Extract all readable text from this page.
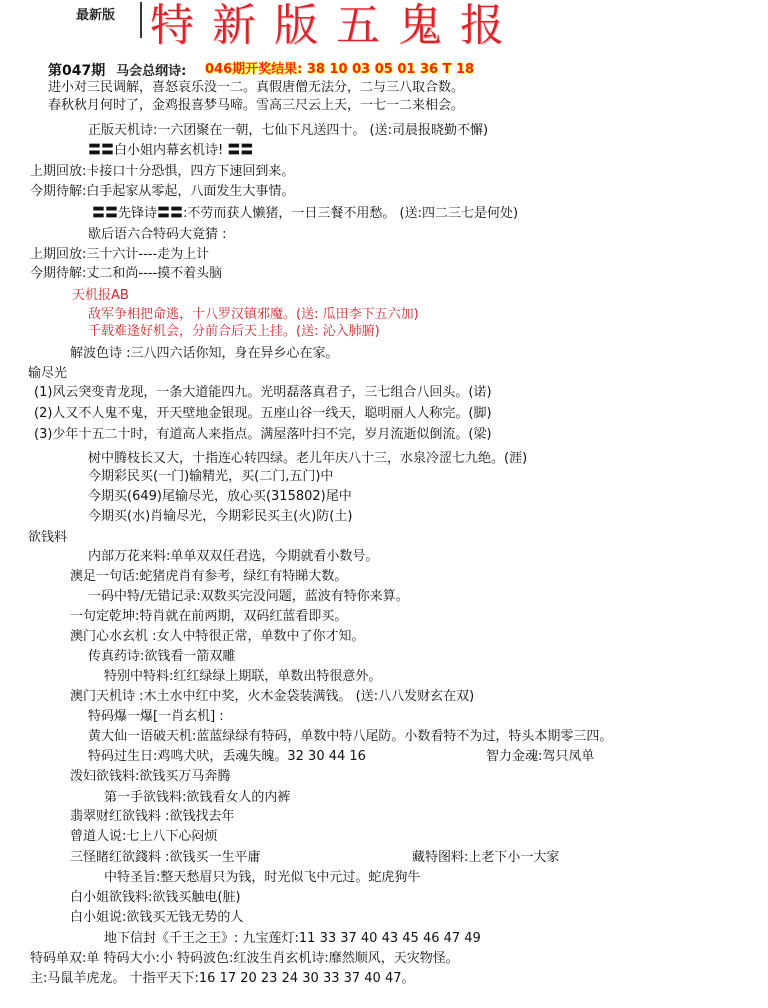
最新版 特新版五鬼报
第047期 马会总纲诗: 046期开奖结果: 38 10 03 05 01 36 T 18
进小对三民调解，喜怒哀乐没一二。真假唐僧无法分，二与三八取合数。
春秋秋月何时了，金鸡报喜梦马啼。雪高三尺云上天，一七一二来相会。
正版天机诗:一六团聚在一朝，七仙下凡送四十。 (送:司晨报晓勤不懈)
〓〓白小姐内幕玄机诗! 〓〓
上期回放:卡接口十分恐惧，四方下速回到来。
今期待解:白手起家从零起，八面发生大事情。
〓〓先锋诗〓〓:不劳而获人懒猪，一日三餐不用愁。 (送:四二三七是何处)
歇后语六合特码大竟猜 :
上期回放:三十六计----走为上计
今期待解:丈二和尚----摸不着头脑
天机报AB
敌军争相把命逃，十八罗汉镇邪魔。(送: 瓜田李下五六加)
千载难逢好机会，分前合后天上挂。(送: 沁入肺腑)
解波色诗 :三八四六话你知，身在异乡心在家。
输尽光
(1)风云突变青龙现，一条大道能四九。光明磊落真君子，三七组合八回头。(诺)
(2)人又不人鬼不鬼，开天壁地金银现。五座山谷一线天，聪明丽人人称完。(脚)
(3)少年十五二十时，有道高人来指点。满屋落叶扫不完，岁月流逝似倒流。(梁)
树中腾枝长又大，十指连心转四绿。老儿年庆八十三，水泉冷涩七九绝。(涯)
今期彩民买(一门)输精光，买(二门,五门)中
今期买(649)尾输尽光，放心买(315802)尾中
今期买(水)肖输尽光，今期彩民买主(火)防(土)
欲钱料
内部万花来料:单单双双任君选，今期就看小数号。
澳足一句话:蛇猪虎肖有参考，绿红有特睇大数。
一码中特/无错记录:双数买完没问题，蓝波有特你来算。
一句定乾坤:特肖就在前两期，双码红蓝看即买。
澳门心水玄机 :女人中特很正常，单数中了你才知。
传真药诗:欲钱看一箭双雕
特别中特料:红红绿绿上期联，单数出特很意外。
澳门天机诗 :木土水中红中奖，火木金袋装满钱。 (送:八八发财玄在双)
特码爆一爆[一肖玄机] :
黄大仙一语破天机:蓝蓝绿绿有特码，单数中特八尾防。小数看特不为过，特头本期零三四。
特码过生日:鸡鸣犬吠，丢魂失魄。32 30 44 16	智力金魂:驾只凤单
泼妇欲钱料:欲钱买万马奔腾
第一手欲钱料:欲钱看女人的内裤
翡翠财红欲钱料 :欲钱找去年
曾道人说:七上八下心闷烦
三怪睹红欲錢料 :欲钱买一生平庸	藏特图料:上老下小一大家
中特圣旨:整天愁眉只为钱，时光似飞中元过。蛇虎狗牛
白小姐欲钱料:欲钱买触电(脏)
白小姐说:欲钱买无钱无势的人
地下信封《千王之王》: 九宝莲灯:11 33 37 40 43 45 46 47 49
特码单双:单 特码大小:小 特码波色:红波生肖玄机诗:靡然顺风，天灾物怪。
主:马鼠羊虎龙。 十指平天下:16 17 20 23 24 30 33 37 40 47。
